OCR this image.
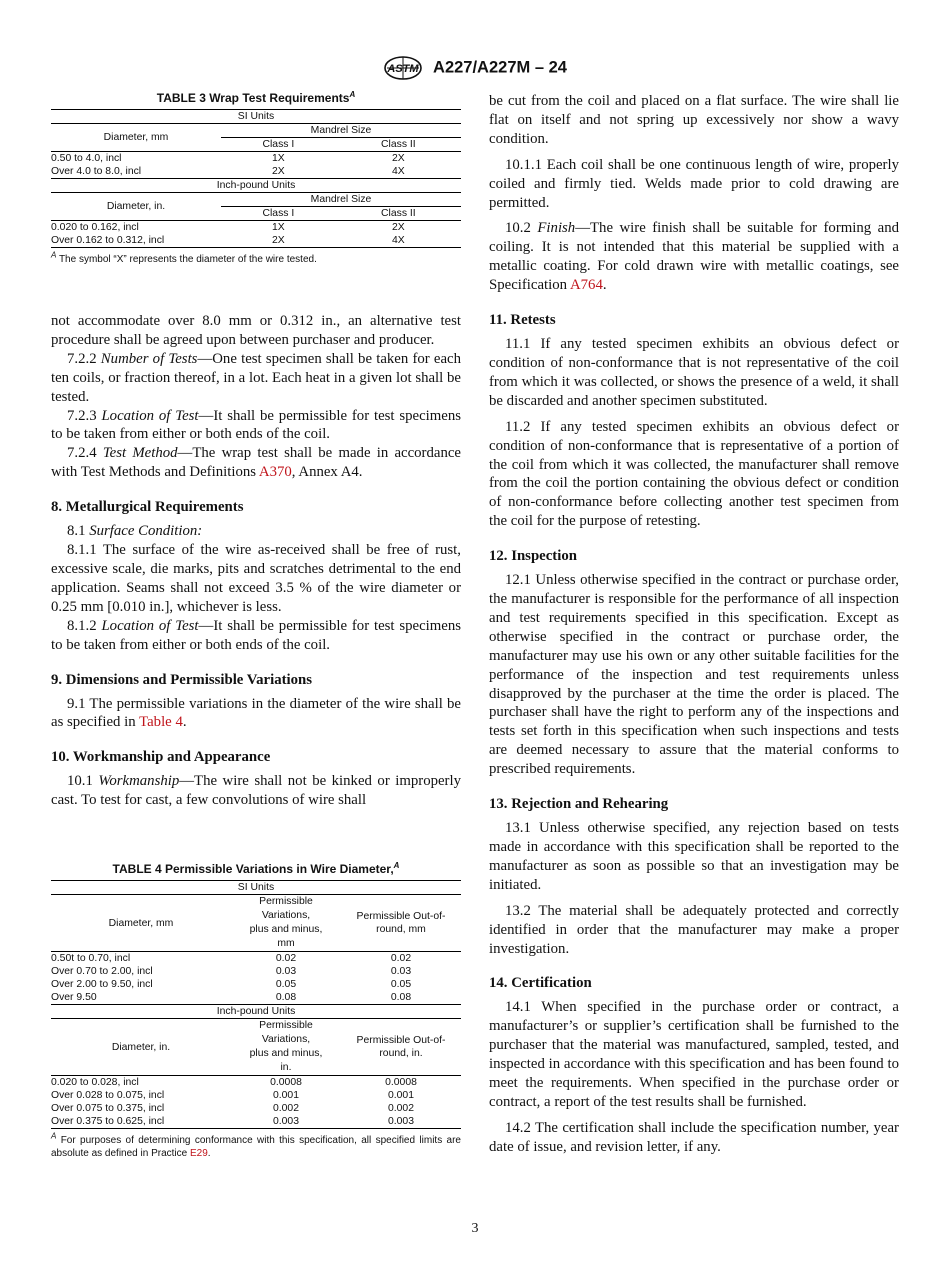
ASTM A227/A227M – 24
TABLE 3 Wrap Test Requirements$^A$
SI Units		
Diameter, mm	Mandrel Size	
	Class I	Class II
0.50 to 4.0, incl	1X	2X
Over 4.0 to 8.0, incl	2X	4X
Inch-pound Units		
Diameter, in.	Mandrel Size	
	Class I	Class II
0.020 to 0.162, incl	1X	2X
Over 0.162 to 0.312, incl	2X	4X
$^A$ The symbol “X” represents the diameter of the wire tested.

not accommodate over 8.0 mm or 0.312 in., an alternative test procedure shall be agreed upon between purchaser and producer.

7.2.2 Number of Tests—One test specimen shall be taken for each ten coils, or fraction thereof, in a lot. Each heat in a given lot shall be tested.

7.2.3 Location of Test—It shall be permissible for test specimens to be taken from either or both ends of the coil.

7.2.4 Test Method—The wrap test shall be made in accordance with Test Methods and Definitions A370, Annex A4.

8. Metallurgical Requirements

8.1 Surface Condition:

8.1.1 The surface of the wire as-received shall be free of rust, excessive scale, die marks, pits and scratches detrimental to the end application. Seams shall not exceed 3.5 % of the wire diameter or 0.25 mm [0.010 in.], whichever is less.

8.1.2 Location of Test—It shall be permissible for test specimens to be taken from either or both ends of the coil.

9. Dimensions and Permissible Variations

9.1 The permissible variations in the diameter of the wire shall be as specified in Table 4.

10. Workmanship and Appearance

10.1 Workmanship—The wire shall not be kinked or improperly cast. To test for cast, a few convolutions of wire shall

TABLE 4 Permissible Variations in Wire Diameter,$^A$
SI Units		
Diameter, mm	Permissible
Variations,
plus and minus,
mm	Permissible Out-of-
round, mm
0.50t to 0.70, incl	0.02	0.02
Over 0.70 to 2.00, incl	0.03	0.03
Over 2.00 to 9.50, incl	0.05	0.05
Over 9.50	0.08	0.08
Inch-pound Units		
Diameter, in.	Permissible
Variations,
plus and minus,
in.	Permissible Out-of-
round, in.
0.020 to 0.028, incl	0.0008	0.0008
Over 0.028 to 0.075, incl	0.001	0.001
Over 0.075 to 0.375, incl	0.002	0.002
Over 0.375 to 0.625, incl	0.003	0.003
$^A$ For purposes of determining conformance with this specification, all specified limits are absolute as defined in Practice E29.

be cut from the coil and placed on a flat surface. The wire shall lie flat on itself and not spring up excessively nor show a wavy condition.

10.1.1 Each coil shall be one continuous length of wire, properly coiled and firmly tied. Welds made prior to cold drawing are permitted.

10.2 Finish—The wire finish shall be suitable for forming and coiling. It is not intended that this material be supplied with a metallic coating. For cold drawn wire with metallic coatings, see Specification A764.

11. Retests

11.1 If any tested specimen exhibits an obvious defect or condition of non-conformance that is not representative of the coil from which it was collected, or shows the presence of a weld, it shall be discarded and another specimen substituted.

11.2 If any tested specimen exhibits an obvious defect or condition of non-conformance that is representative of a portion of the coil from which it was collected, the manufacturer shall remove from the coil the portion containing the obvious defect or condition of non-conformance before collecting another test specimen from the coil for the purpose of retesting.

12. Inspection

12.1 Unless otherwise specified in the contract or purchase order, the manufacturer is responsible for the performance of all inspection and test requirements specified in this specification. Except as otherwise specified in the contract or purchase order, the manufacturer may use his own or any other suitable facilities for the performance of the inspection and test requirements unless disapproved by the purchaser at the time the order is placed. The purchaser shall have the right to perform any of the inspections and tests set forth in this specification when such inspections and tests are deemed necessary to assure that the material conforms to prescribed requirements.

13. Rejection and Rehearing

13.1 Unless otherwise specified, any rejection based on tests made in accordance with this specification shall be reported to the manufacturer as soon as possible so that an investigation may be initiated.

13.2 The material shall be adequately protected and correctly identified in order that the manufacturer may make a proper investigation.

14. Certification

14.1 When specified in the purchase order or contract, a manufacturer’s or supplier’s certification shall be furnished to the purchaser that the material was manufactured, sampled, tested, and inspected in accordance with this specification and has been found to meet the requirements. When specified in the purchase order or contract, a report of the test results shall be furnished.

14.2 The certification shall include the specification number, year date of issue, and revision letter, if any.

3
